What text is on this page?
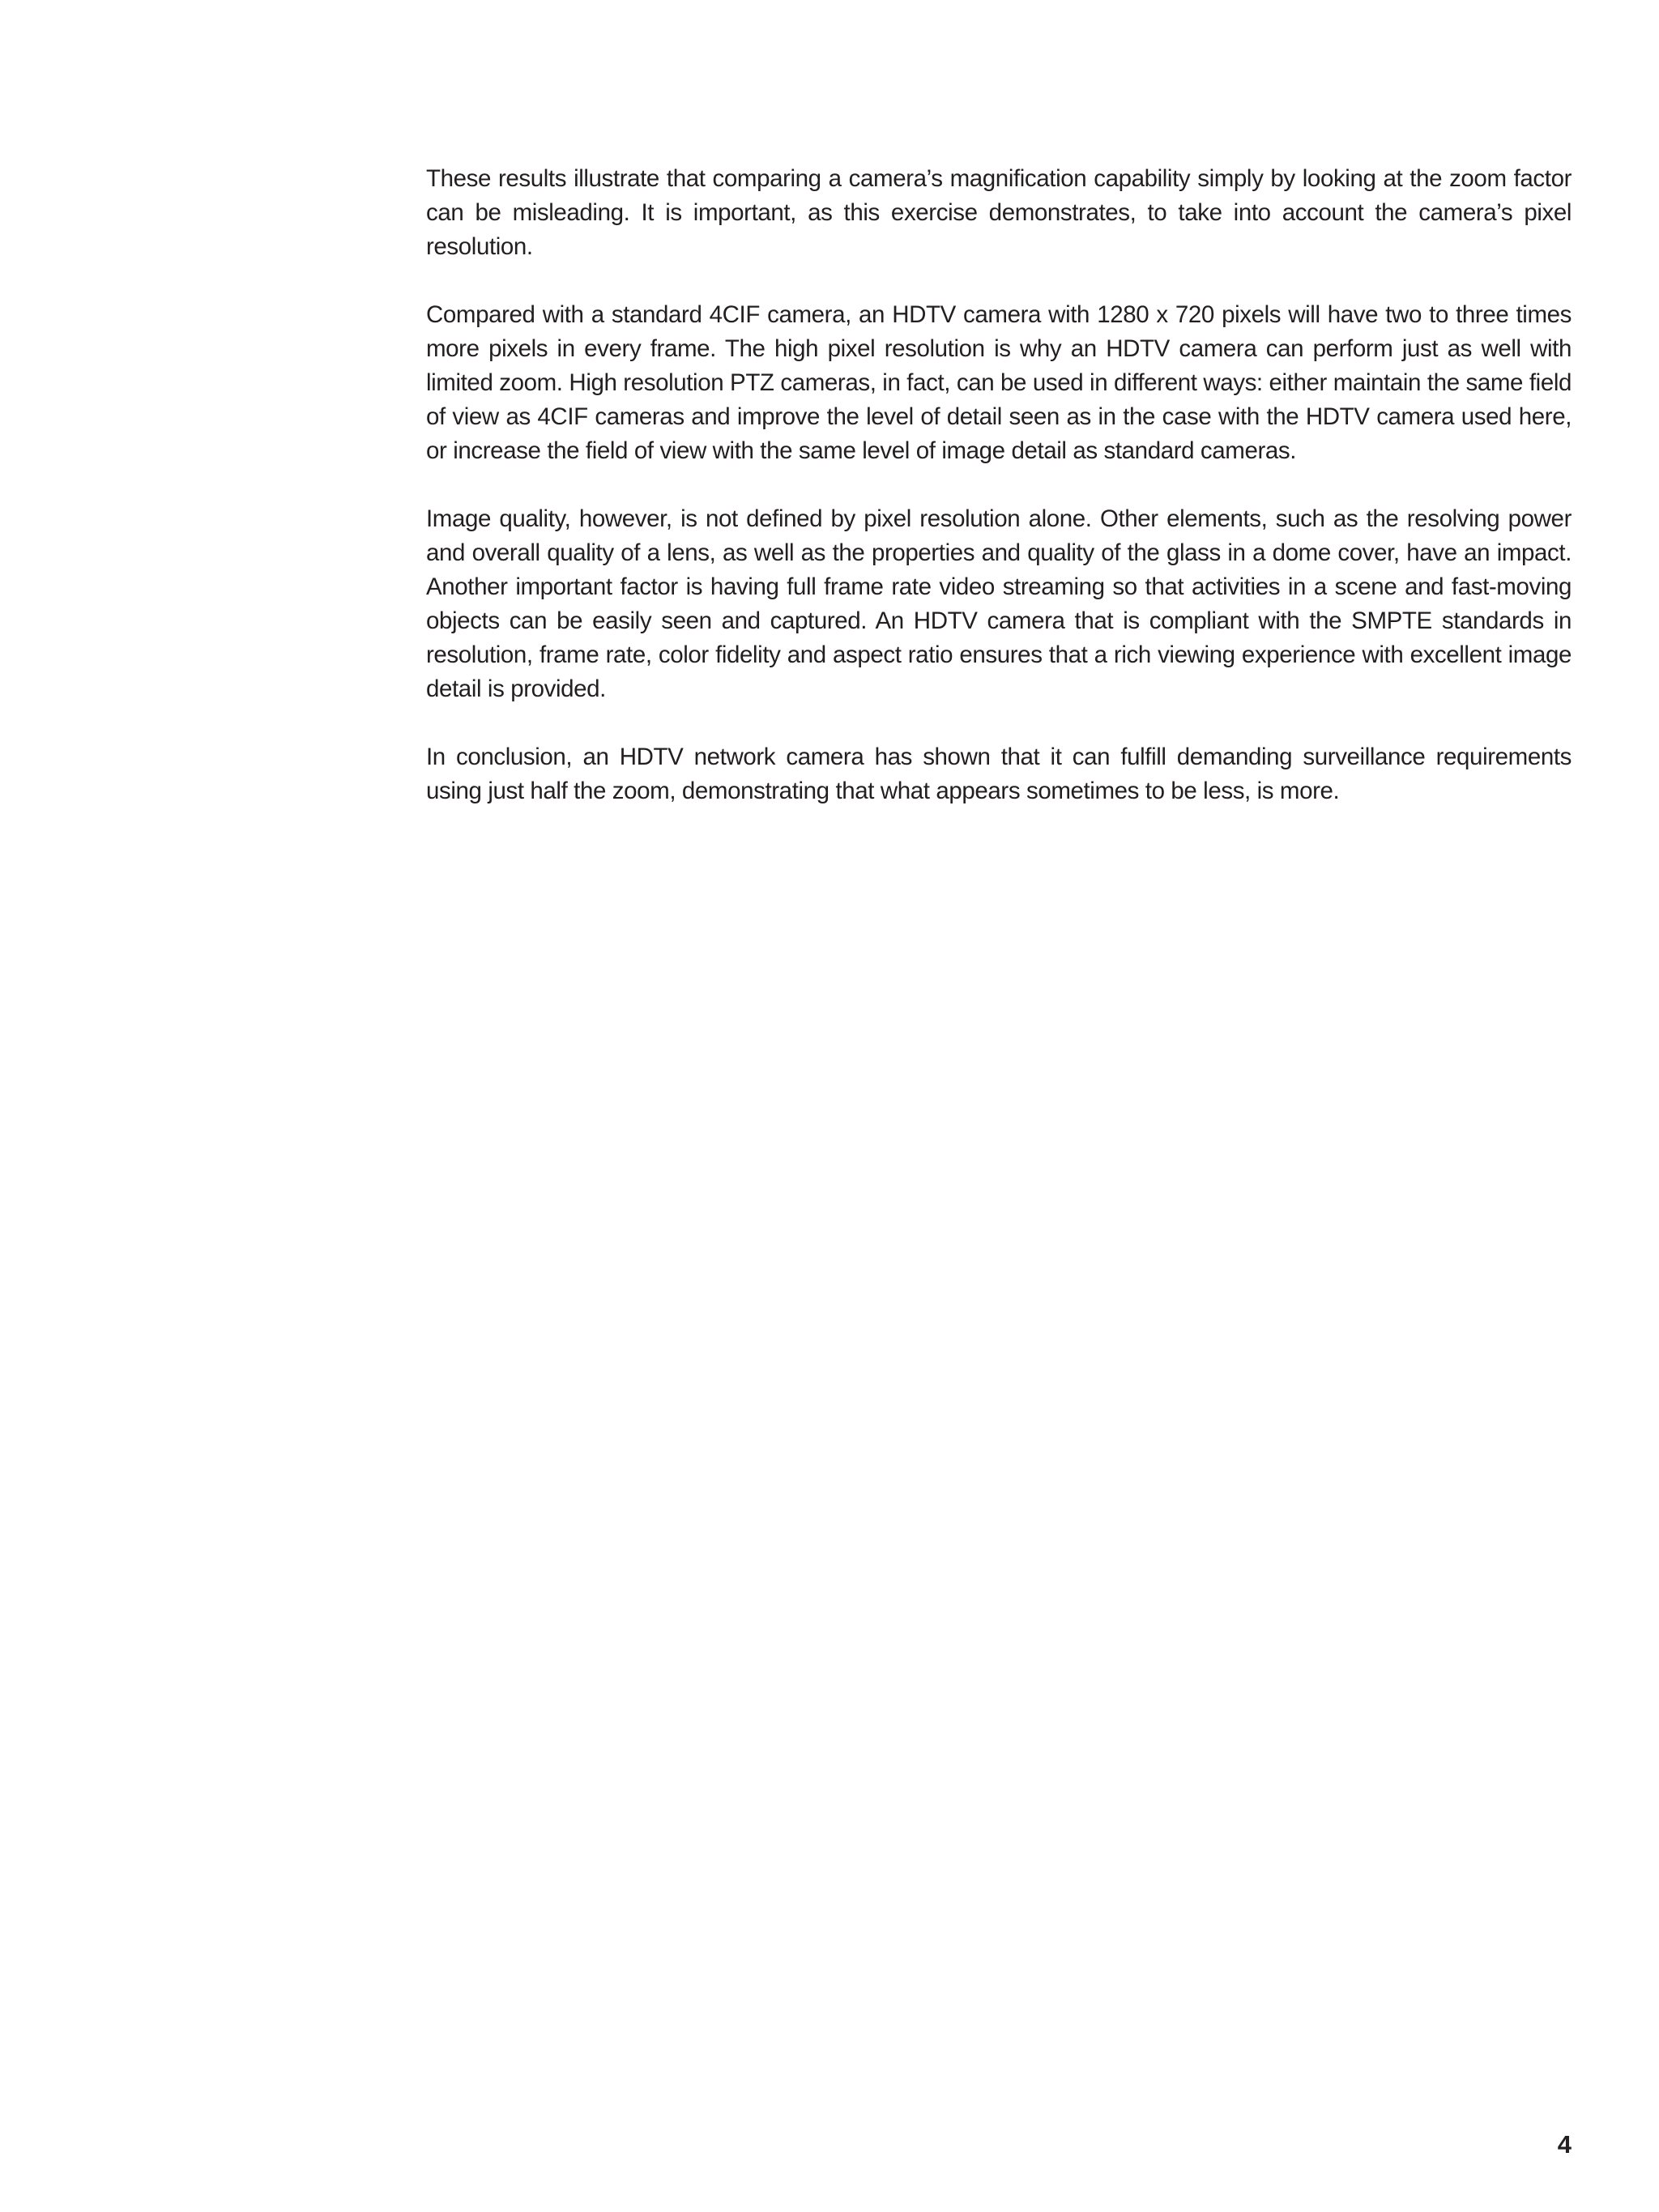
These results illustrate that comparing a camera’s magnification capability simply by looking at the zoom factor can be misleading. It is important, as this exercise demonstrates, to take into account the camera’s pixel resolution.

Compared with a standard 4CIF camera, an HDTV camera with 1280 x 720 pixels will have two to three times more pixels in every frame. The high pixel resolution is why an HDTV camera can perform just as well with limited zoom. High resolution PTZ cameras, in fact, can be used in different ways: either maintain the same field of view as 4CIF cameras and improve the level of detail seen as in the case with the HDTV camera used here, or increase the field of view with the same level of image detail as standard cameras.

Image quality, however, is not defined by pixel resolution alone. Other elements, such as the resolving power and overall quality of a lens, as well as the properties and quality of the glass in a dome cover, have an impact. Another important factor is having full frame rate video streaming so that activities in a scene and fast-moving objects can be easily seen and captured. An HDTV camera that is compliant with the SMPTE standards in resolution, frame rate, color fidelity and aspect ratio ensures that a rich viewing experience with excellent image detail is provided.

In conclusion, an HDTV network camera has shown that it can fulfill demanding surveillance requirements using just half the zoom, demonstrating that what appears sometimes to be less, is more.

4
